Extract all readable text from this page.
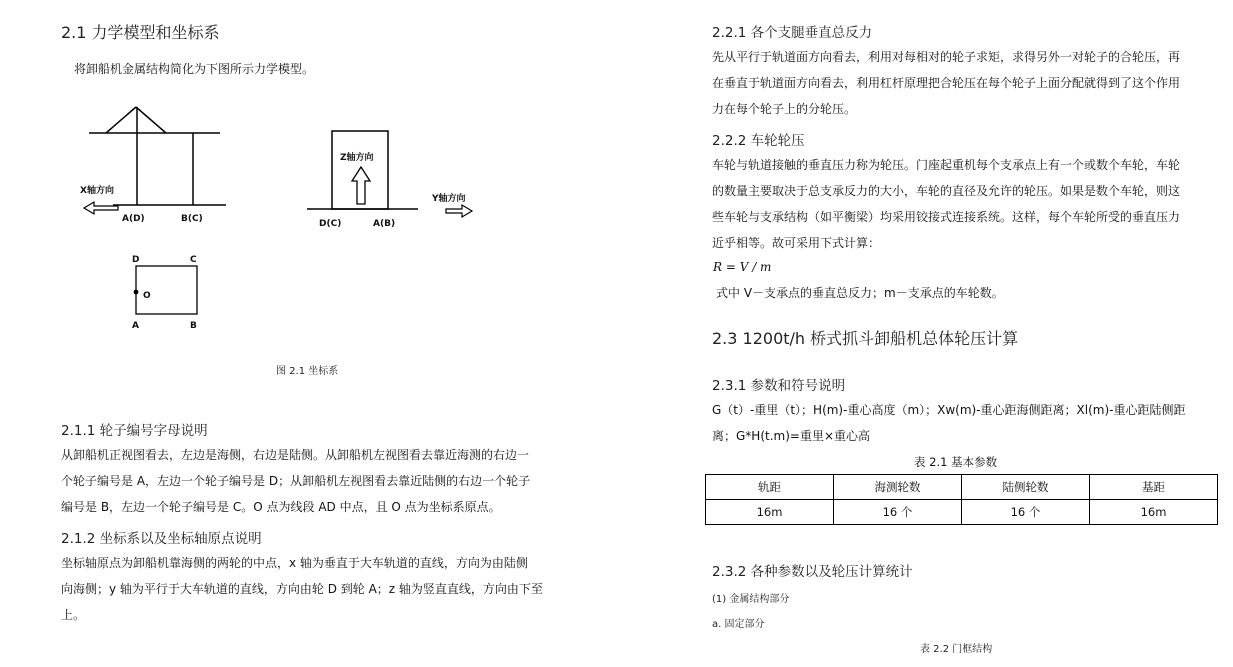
2.1 力学模型和坐标系
将卸船机金属结构简化为下图所示力学模型。
X轴方向
A(D)	B(C)
Z轴方向
Y轴方向
D(C)	A(B)
D	C
O
A	B
图 2.1 坐标系
2.1.1 轮子编号字母说明
从卸船机正视图看去，左边是海侧，右边是陆侧。从卸船机左视图看去靠近海测的右边一
个轮子编号是 A，左边一个轮子编号是 D；从卸船机左视图看去靠近陆侧的右边一个轮子
编号是 B，左边一个轮子编号是 C。O 点为线段 AD 中点，且 O 点为坐标系原点。
2.1.2 坐标系以及坐标轴原点说明
坐标轴原点为卸船机靠海侧的两轮的中点，x 轴为垂直于大车轨道的直线，方向为由陆侧
向海侧；y 轴为平行于大车轨道的直线，方向由轮 D 到轮 A；z 轴为竖直直线，方向由下至
上。
2.2.1 各个支腿垂直总反力
先从平行于轨道面方向看去，利用对每相对的轮子求矩，求得另外一对轮子的合轮压，再
在垂直于轨道面方向看去，利用杠杆原理把合轮压在每个轮子上面分配就得到了这个作用
力在每个轮子上的分轮压。
2.2.2 车轮轮压
车轮与轨道接触的垂直压力称为轮压。门座起重机每个支承点上有一个或数个车轮，车轮
的数量主要取决于总支承反力的大小，车轮的直径及允许的轮压。如果是数个车轮，则这
些车轮与支承结构（如平衡梁）均采用铰接式连接系统。这样，每个车轮所受的垂直压力
近乎相等。故可采用下式计算：
R = V / m
式中 V－支承点的垂直总反力；m－支承点的车轮数。
2.3 1200t/h 桥式抓斗卸船机总体轮压计算
2.3.1 参数和符号说明
G（t）-重里（t）；H(m)-重心高度（m）；Xw(m)-重心距海侧距离；Xl(m)-重心距陆侧距
离；G*H(t.m)=重里×重心高
表 2.1 基本参数
轨距	海测轮数	陆侧轮数	基距
16m	16 个	16 个	16m
2.3.2 各种参数以及轮压计算统计
(1) 金属结构部分
a. 固定部分
表 2.2 门框结构
